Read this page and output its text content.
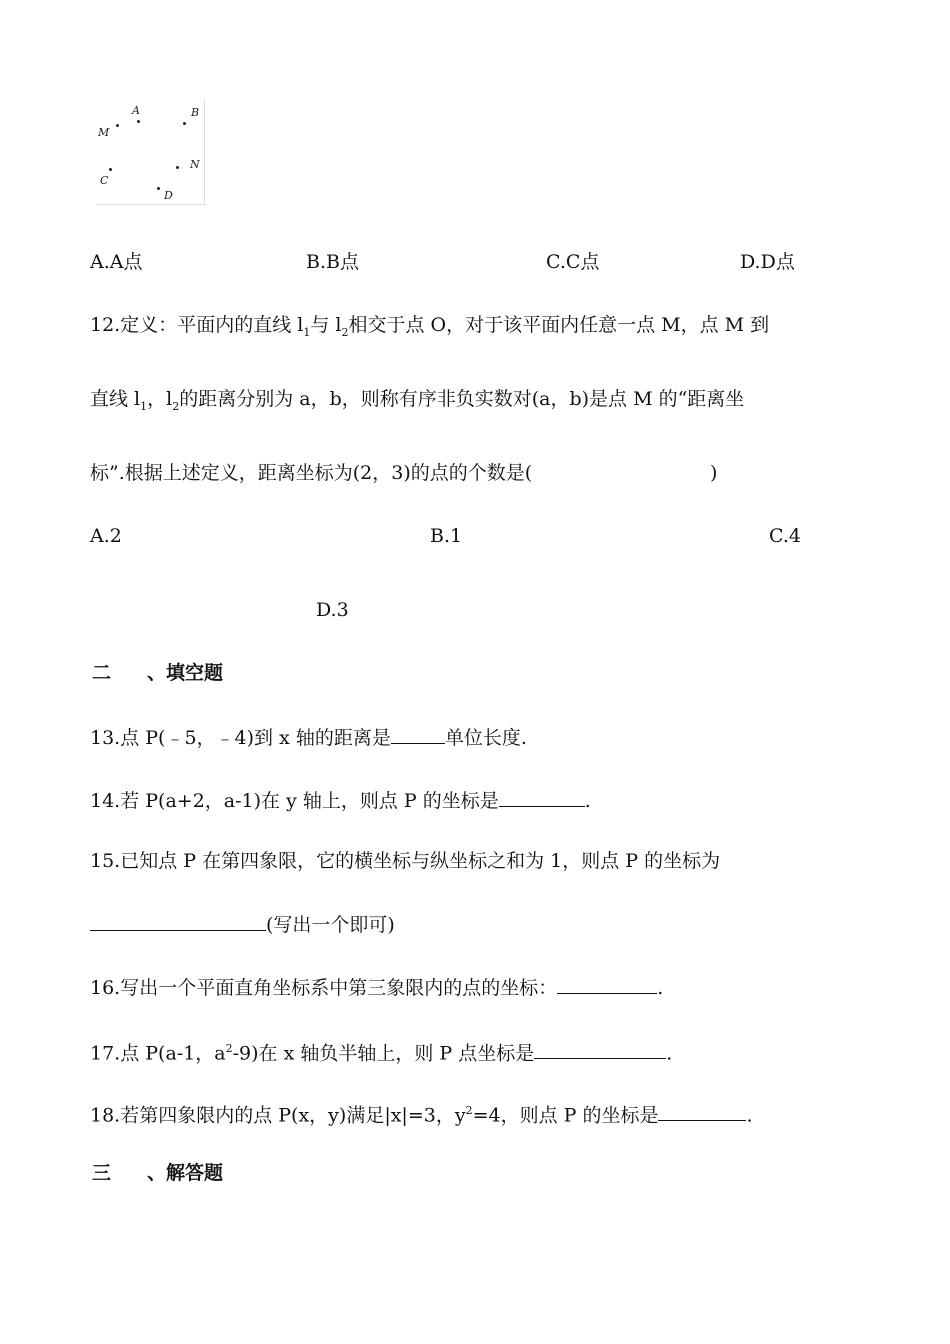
M
A	B
C
N
D
A.A点	B.B点	C.C点	D.D点
12.定义：平面内的直线 $l_1$与 $l_2$相交于点 O，对于该平面内任意一点 M，点 M 到
直线 $l_1$，$l_2$的距离分别为 a，b，则称有序非负实数对(a，b)是点 M 的“距离坐
标”.根据上述定义，距离坐标为(2，3)的点的个数是(	)
A.2	B.1	C.4
D.3
二 、填空题
13.点 P(﹣5，﹣4)到 x 轴的距离是	单位长度.
14.若 P(a+2，a-1)在 y 轴上，则点 P 的坐标是	.
15.已知点 P 在第四象限，它的横坐标与纵坐标之和为 1，则点 P 的坐标为
(写出一个即可)
16.写出一个平面直角坐标系中第三象限内的点的坐标：	.
17.点 P(a-1，$a^2-9$)在 x 轴负半轴上，则 P 点坐标是	.
18.若第四象限内的点 P(x，y)满足|x|=3，$y^2=4$，则点 P 的坐标是	.
三 、解答题
